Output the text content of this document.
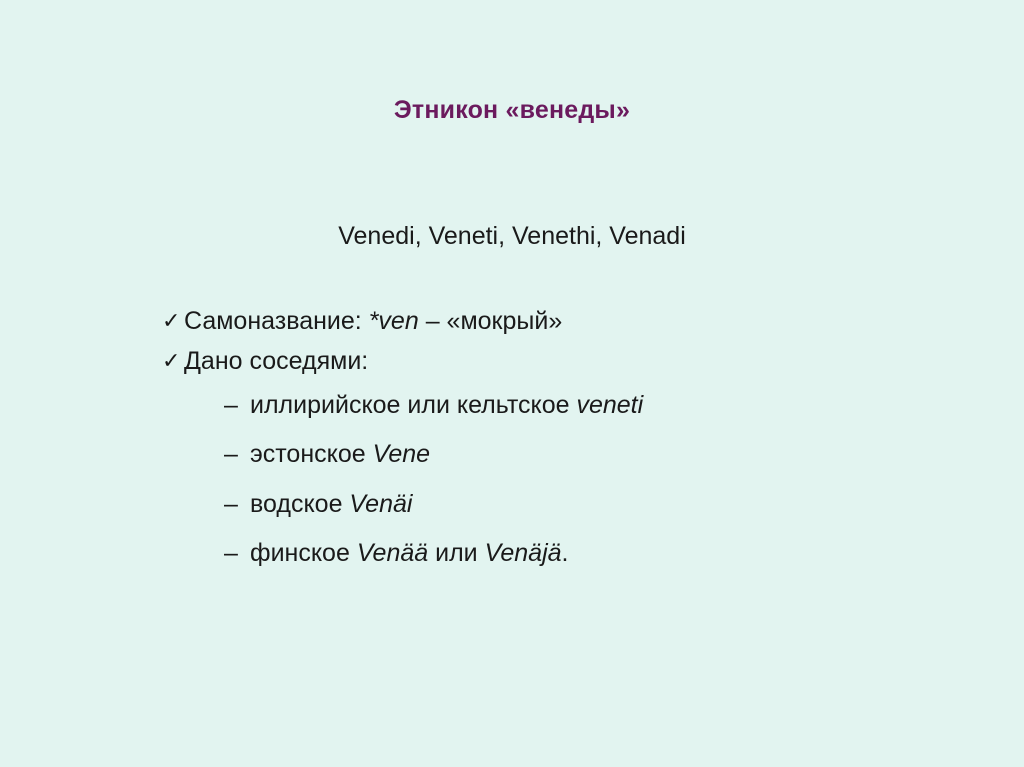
Этникон «венеды»
Venedi, Veneti, Venethi, Venadi
✓ Самоназвание: *ven – «мокрый»
✓ Дано соседями:
– иллирийское или кельтское veneti
– эстонское Vene
– водское Venäi
– финское Venää или Venäjä.
